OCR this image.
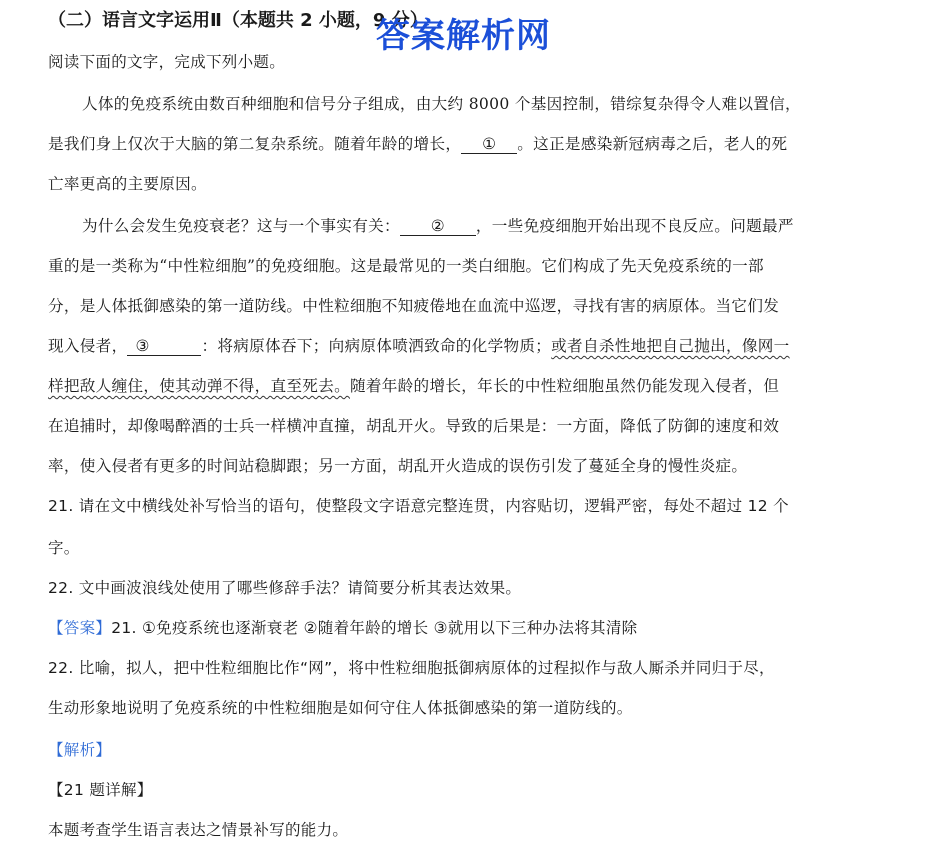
（二）语言文字运用Ⅱ（本题共 2 小题，9 分）
答案解析网
阅读下面的文字，完成下列小题。
人体的免疫系统由数百种细胞和信号分子组成，由大约 8000 个基因控制，错综复杂得令人难以置信，
是我们身上仅次于大脑的第二复杂系统。随着年龄的增长， ① 。这正是感染新冠病毒之后，老人的死
亡率更高的主要原因。
为什么会发生免疫衰老？这与一个事实有关： ② ，一些免疫细胞开始出现不良反应。问题最严
重的是一类称为“中性粒细胞”的免疫细胞。这是最常见的一类白细胞。它们构成了先天免疫系统的一部
分，是人体抵御感染的第一道防线。中性粒细胞不知疲倦地在血流中巡逻，寻找有害的病原体。当它们发
现入侵者， ③	：将病原体吞下；向病原体喷洒致命的化学物质；或者自杀性地把自己抛出，像网一
样把敌人缠住，使其动弹不得，直至死去。随着年龄的增长，年长的中性粒细胞虽然仍能发现入侵者，但
在追捕时，却像喝醉酒的士兵一样横冲直撞，胡乱开火。导致的后果是：一方面，降低了防御的速度和效
率，使入侵者有更多的时间站稳脚跟；另一方面，胡乱开火造成的误伤引发了蔓延全身的慢性炎症。
21. 请在文中横线处补写恰当的语句，使整段文字语意完整连贯，内容贴切，逻辑严密，每处不超过 12 个
字。
22. 文中画波浪线处使用了哪些修辞手法？请简要分析其表达效果。
【答案】21. ①免疫系统也逐渐衰老 ②随着年龄的增长 ③就用以下三种办法将其清除
22. 比喻，拟人，把中性粒细胞比作“网”，将中性粒细胞抵御病原体的过程拟作与敌人厮杀并同归于尽，
生动形象地说明了免疫系统的中性粒细胞是如何守住人体抵御感染的第一道防线的。
【解析】
【21 题详解】
本题考查学生语言表达之情景补写的能力。
